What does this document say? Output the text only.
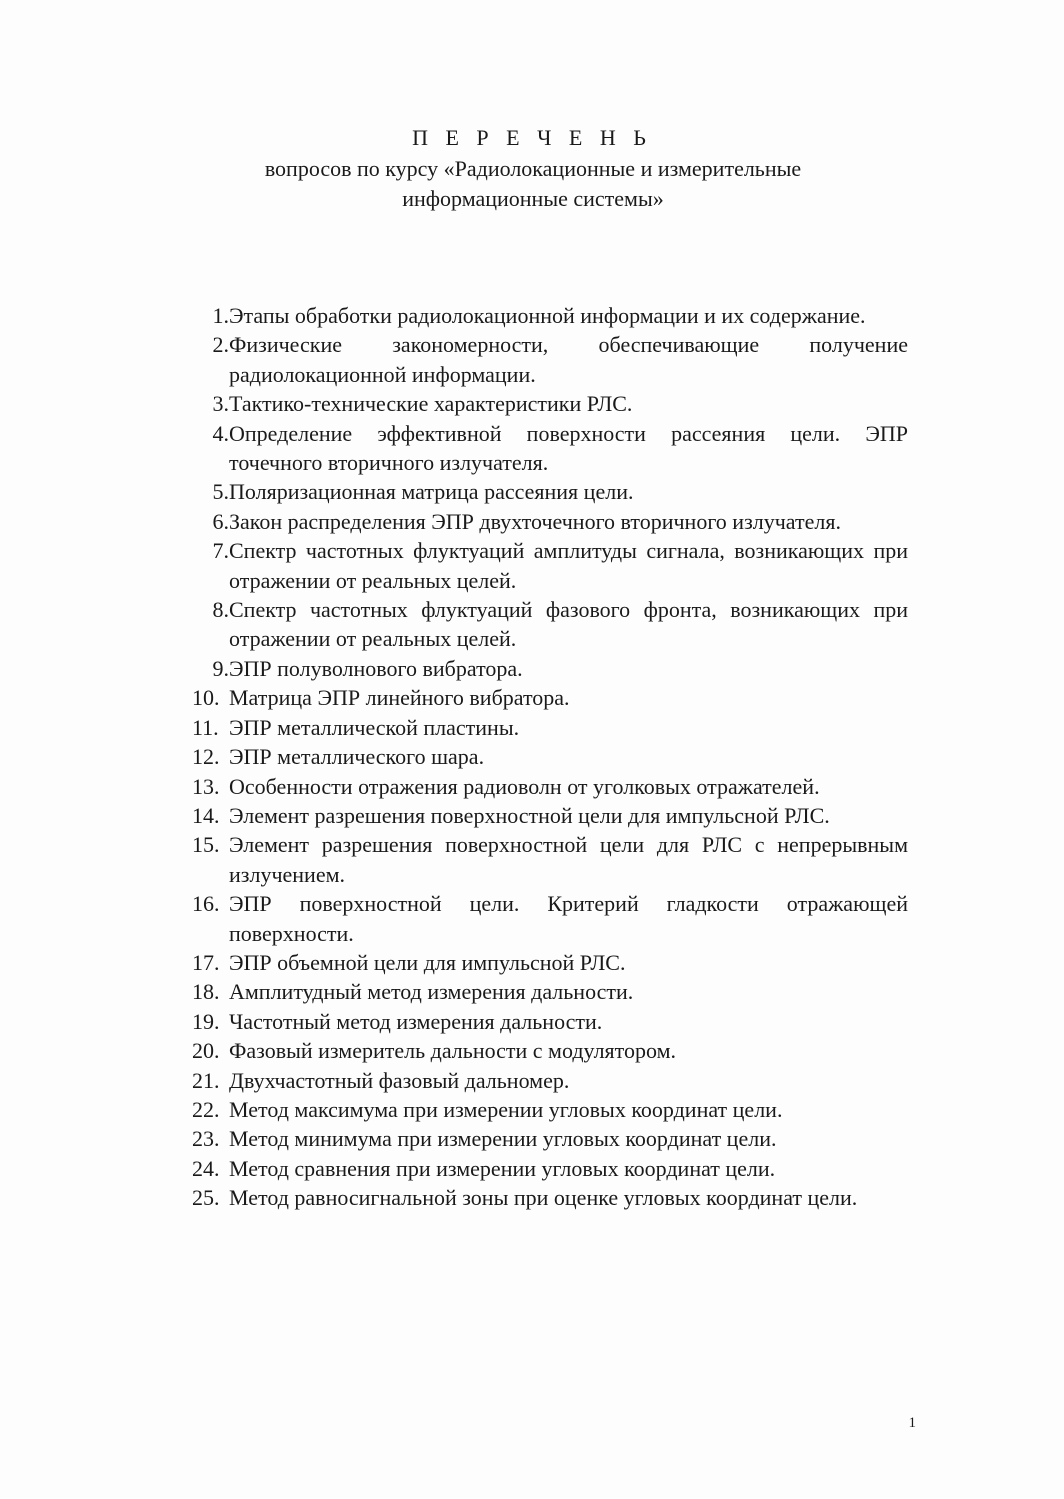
П Е Р Е Ч Е Н Ь
вопросов по курсу «Радиолокационные и измерительные информационные системы»
1. Этапы обработки радиолокационной информации и их содержание.
2. Физические закономерности, обеспечивающие получение радиолокационной информации.
3. Тактико-технические характеристики РЛС.
4. Определение эффективной поверхности рассеяния цели. ЭПР точечного вторичного излучателя.
5. Поляризационная матрица рассеяния цели.
6. Закон распределения ЭПР двухточечного вторичного излучателя.
7. Спектр частотных флуктуаций амплитуды сигнала, возникающих при отражении от реальных целей.
8. Спектр частотных флуктуаций фазового фронта, возникающих при отражении от реальных целей.
9. ЭПР полуволнового вибратора.
10. Матрица ЭПР линейного вибратора.
11. ЭПР металлической пластины.
12. ЭПР металлического шара.
13. Особенности отражения радиоволн от уголковых отражателей.
14. Элемент разрешения поверхностной цели для импульсной РЛС.
15. Элемент разрешения поверхностной цели для РЛС с непрерывным излучением.
16. ЭПР поверхностной цели. Критерий гладкости отражающей поверхности.
17. ЭПР объемной цели для импульсной РЛС.
18. Амплитудный метод измерения дальности.
19. Частотный метод измерения дальности.
20. Фазовый измеритель дальности с модулятором.
21. Двухчастотный фазовый дальномер.
22. Метод максимума при измерении угловых координат цели.
23. Метод минимума при измерении угловых координат цели.
24. Метод сравнения при измерении угловых координат цели.
25. Метод равносигнальной зоны при оценке угловых координат цели.
1
